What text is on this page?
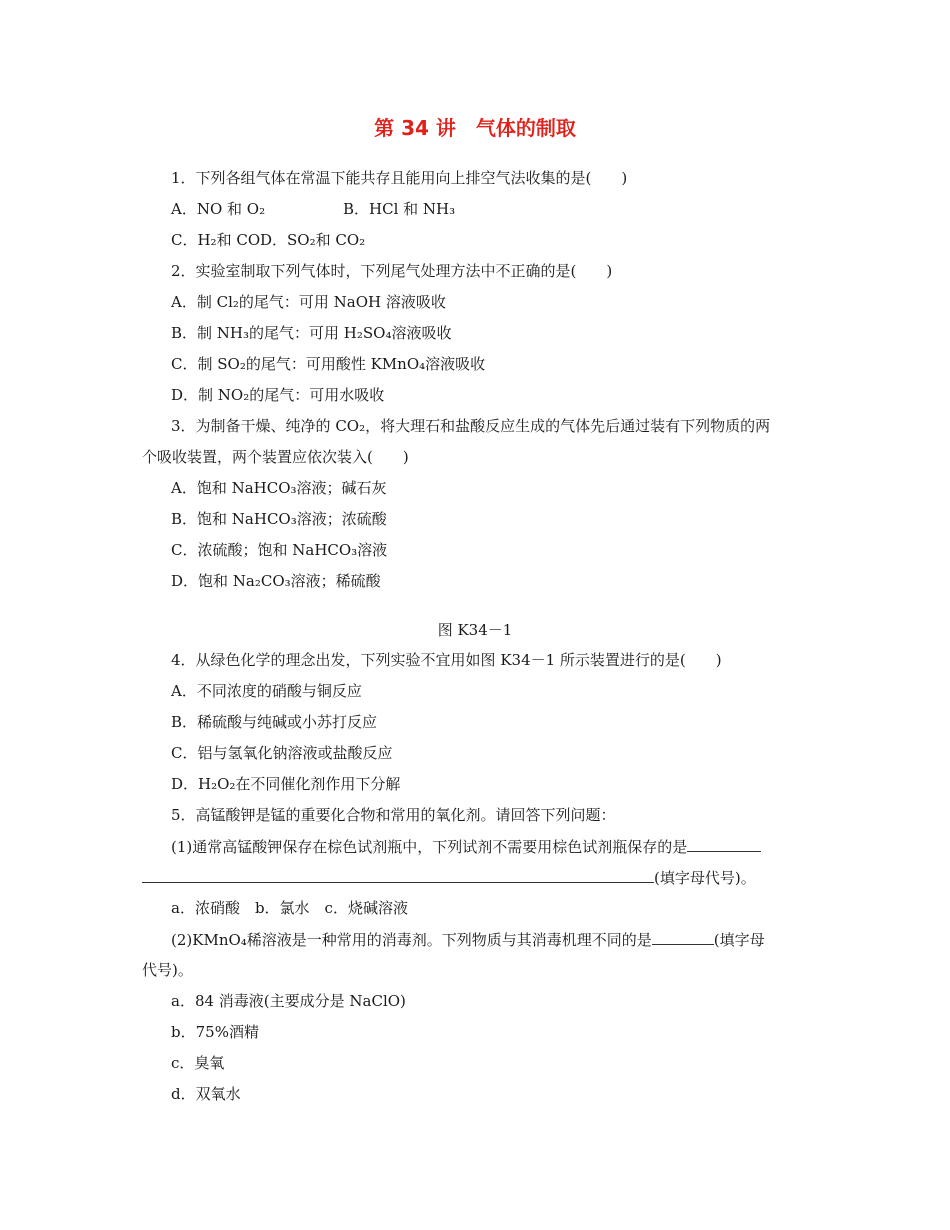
第 34 讲　气体的制取
1．下列各组气体在常温下能共存且能用向上排空气法收集的是(　　)
A．NO 和 O₂	B．HCl 和 NH₃
C．H₂和 CO D．SO₂和 CO₂
2．实验室制取下列气体时，下列尾气处理方法中不正确的是(　　)
A．制 Cl₂的尾气：可用 NaOH 溶液吸收
B．制 NH₃的尾气：可用 H₂SO₄溶液吸收
C．制 SO₂的尾气：可用酸性 KMnO₄溶液吸收
D．制 NO₂的尾气：可用水吸收
3．为制备干燥、纯净的 CO₂，将大理石和盐酸反应生成的气体先后通过装有下列物质的两
个吸收装置，两个装置应依次装入(　　)
A．饱和 NaHCO₃溶液；碱石灰
B．饱和 NaHCO₃溶液；浓硫酸
C．浓硫酸；饱和 NaHCO₃溶液
D．饱和 Na₂CO₃溶液；稀硫酸
图 K34－1
4．从绿色化学的理念出发，下列实验不宜用如图 K34－1 所示装置进行的是(　　)
A．不同浓度的硝酸与铜反应
B．稀硫酸与纯碱或小苏打反应
C．铝与氢氧化钠溶液或盐酸反应
D．H₂O₂在不同催化剂作用下分解
5．高锰酸钾是锰的重要化合物和常用的氧化剂。请回答下列问题：
(1)通常高锰酸钾保存在棕色试剂瓶中，下列试剂不需要用棕色试剂瓶保存的是
(填字母代号)。
a．浓硝酸　b．氯水　c．烧碱溶液
(2)KMnO₄稀溶液是一种常用的消毒剂。下列物质与其消毒机理不同的是	(填字母
代号)。
a．84 消毒液(主要成分是 NaClO)
b．75%酒精
c．臭氧
d．双氧水
